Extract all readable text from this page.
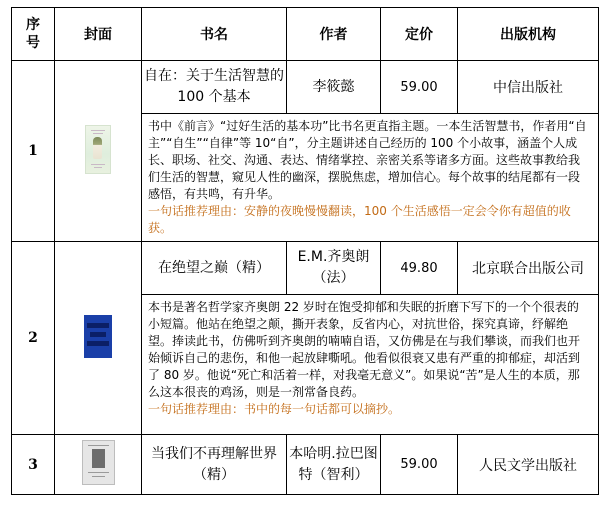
序号	封面	书名	作者	定价	出版机构
1		自在：关于生活智慧的 100 个基本	李筱懿	59.00	中信出版社

		书中《前言》“过好生活的基本功”比书名更直指主题。一本生活智慧书，作者用“自主”“自生”“自律”等 10“自”，分主题讲述自己经历的 100 个小故事，涵盖个人成长、职场、社交、沟通、表达、情绪掌控、亲密关系等诸多方面。这些故事教给我们生活的智慧，窥见人性的幽深，摆脱焦虑，增加信心。每个故事的结尾都有一段感悟，有共鸣，有升华。
一句话推荐理由：安静的夜晚慢慢翻读，100 个生活感悟一定会令你有超值的收获。			

2		在绝望之巅（精）	E.M.齐奥朗（法）	49.80	北京联合出版公司

		本书是著名哲学家齐奥朗 22 岁时在饱受抑郁和失眠的折磨下写下的一个个很表的小短篇。他站在绝望之颠，撕开表象，反省内心，对抗世俗，探究真谛，纾解绝望。捧读此书，仿佛听到齐奥朗的喃喃自语，又仿佛是在与我们攀谈，而我们也开始倾诉自己的悲伤，和他一起放肆嘶吼。他看似很衰又患有严重的抑郁症，却活到了 80 岁。他说“死亡和活着一样，对我毫无意义”。如果说“苦”是人生的本质，那么这本很丧的鸡汤，则是一剂常备良药。
一句话推荐理由：书中的每一句话都可以摘抄。			

3		当我们不再理解世界（精）	本哈明.拉巴图特（智利）	59.00	人民文学出版社
